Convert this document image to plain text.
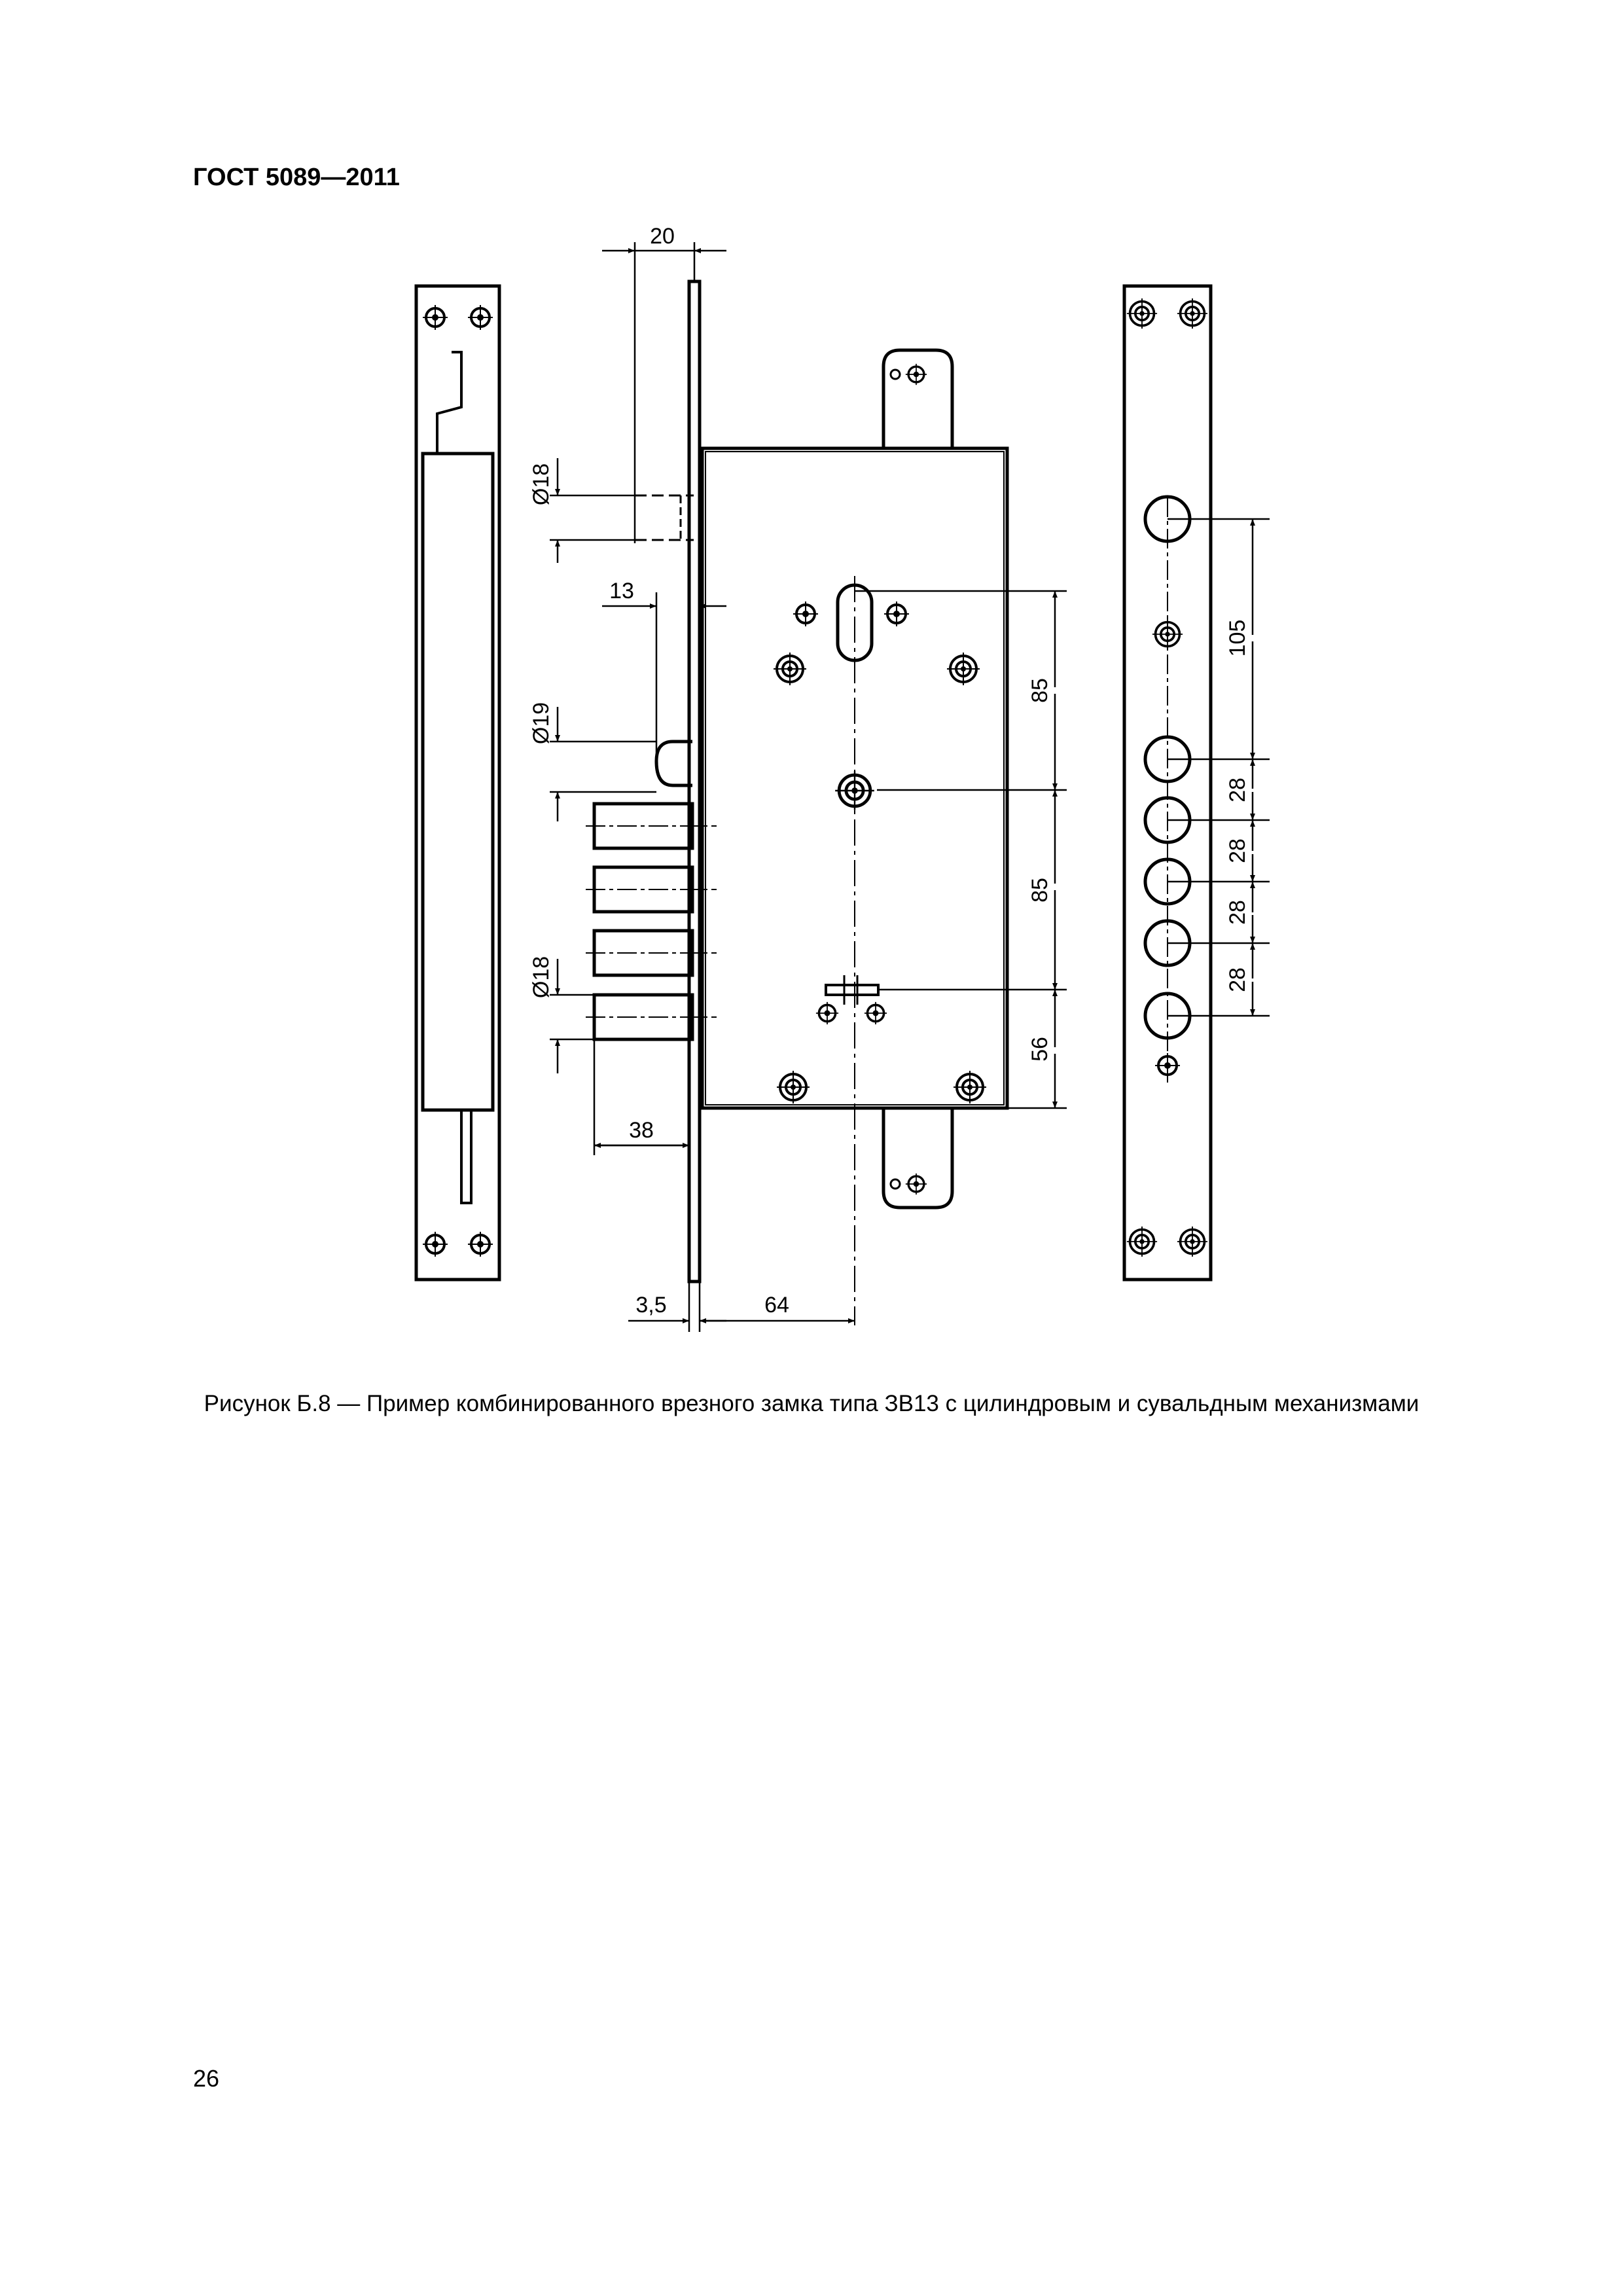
ГОСТ 5089—2011
20
Ø18
13
Ø19
Ø18
38
3,5	64
85
85
56
105
28
28
28
28
Рисунок Б.8 — Пример комбинированного врезного замка типа ЗВ13 с цилиндровым и сувальдным механизмами
26
